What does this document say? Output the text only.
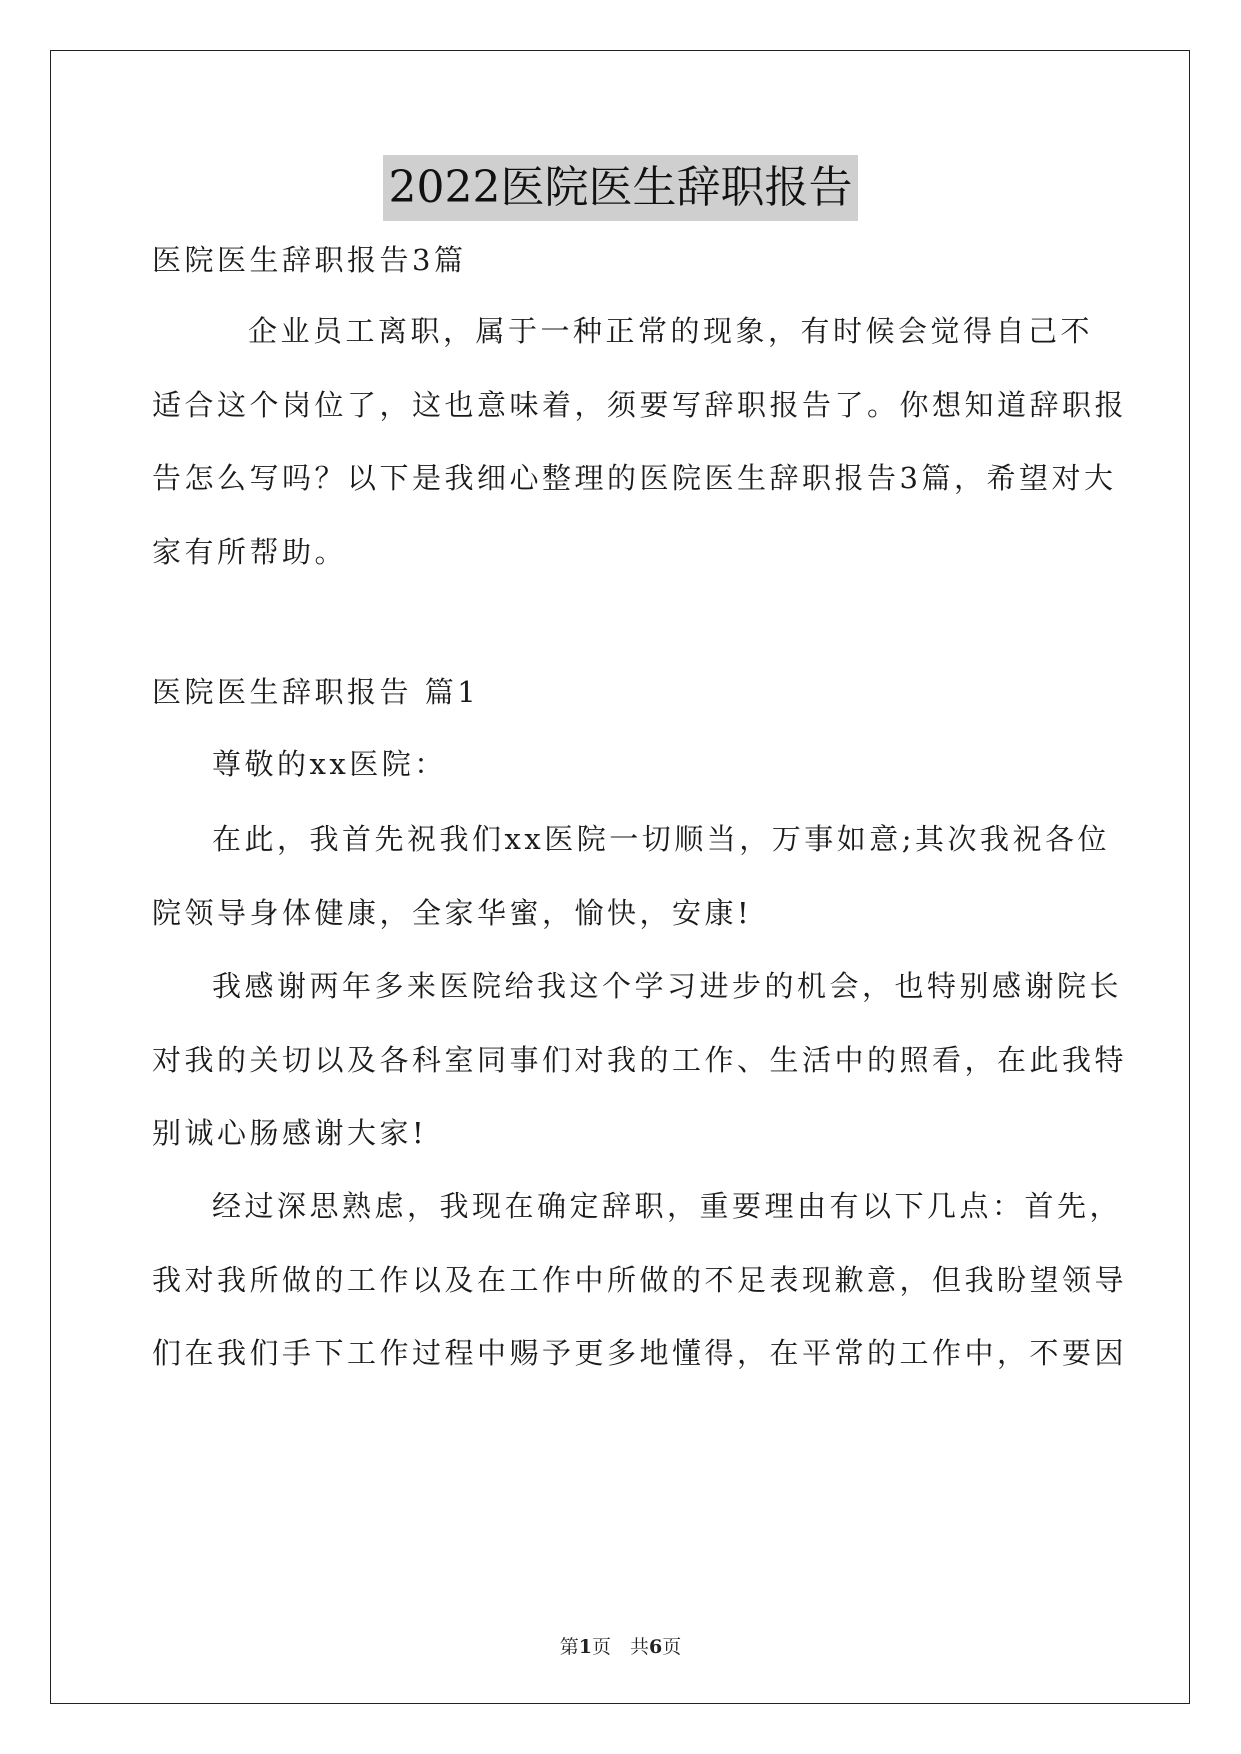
2022医院医生辞职报告
医院医生辞职报告3篇
企业员工离职，属于一种正常的现象，有时候会觉得自己不
适合这个岗位了，这也意味着，须要写辞职报告了。你想知道辞职报
告怎么写吗？以下是我细心整理的医院医生辞职报告3篇，希望对大
家有所帮助。
医院医生辞职报告 篇1
尊敬的xx医院：
在此，我首先祝我们xx医院一切顺当，万事如意;其次我祝各位
院领导身体健康，全家华蜜，愉快，安康!
我感谢两年多来医院给我这个学习进步的机会，也特别感谢院长
对我的关切以及各科室同事们对我的工作、生活中的照看，在此我特
别诚心肠感谢大家!
经过深思熟虑，我现在确定辞职，重要理由有以下几点：首先，
我对我所做的工作以及在工作中所做的不足表现歉意，但我盼望领导
们在我们手下工作过程中赐予更多地懂得，在平常的工作中，不要因
第1页　共6页
